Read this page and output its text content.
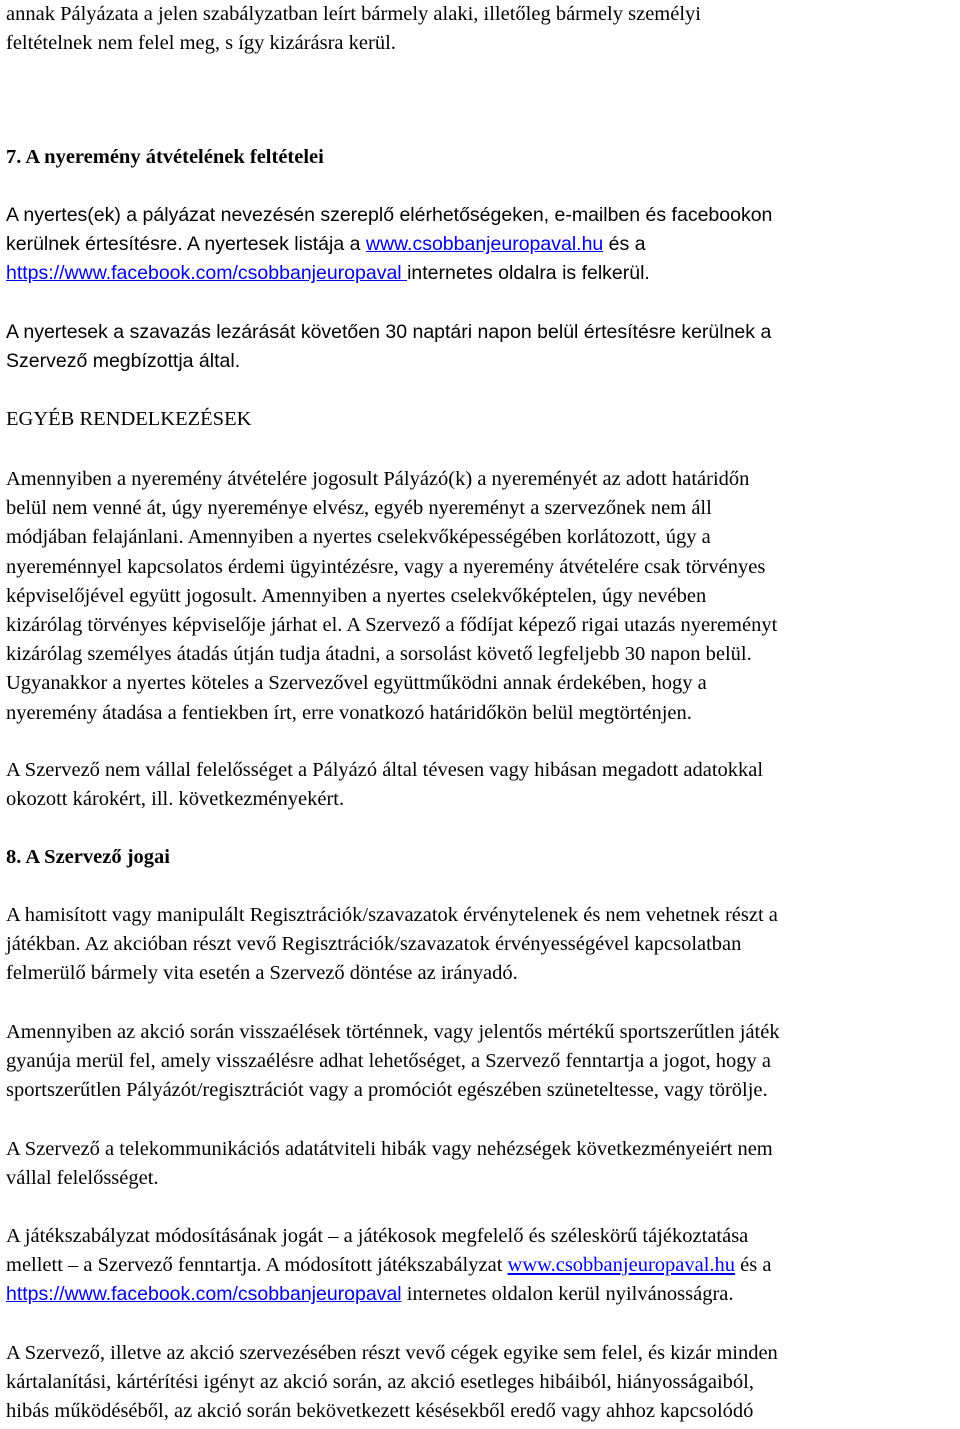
annak Pályázata a jelen szabályzatban leírt bármely alaki, illetőleg bármely személyi
feltételnek nem felel meg, s így kizárásra kerül.

7. A nyeremény átvételének feltételei

A nyertes(ek) a pályázat nevezésén szereplő elérhetőségeken, e-mailben és facebookon
kerülnek értesítésre. A nyertesek listája a www.csobbanjeuropaval.hu és a
https://www.facebook.com/csobbanjeuropaval internetes oldalra is felkerül.

A nyertesek a szavazás lezárását követően 30 naptári napon belül értesítésre kerülnek a
Szervező megbízottja által.

EGYÉB RENDELKEZÉSEK

Amennyiben a nyeremény átvételére jogosult Pályázó(k) a nyereményét az adott határidőn
belül nem venné át, úgy nyereménye elvész, egyéb nyereményt a szervezőnek nem áll
módjában felajánlani. Amennyiben a nyertes cselekvőképességében korlátozott, úgy a
nyereménnyel kapcsolatos érdemi ügyintézésre, vagy a nyeremény átvételére csak törvényes
képviselőjével együtt jogosult. Amennyiben a nyertes cselekvőképtelen, úgy nevében
kizárólag törvényes képviselője járhat el. A Szervező a fődíjat képező rigai utazás nyereményt
kizárólag személyes átadás útján tudja átadni, a sorsolást követő legfeljebb 30 napon belül.
Ugyanakkor a nyertes köteles a Szervezővel együttműködni annak érdekében, hogy a
nyeremény átadása a fentiekben írt, erre vonatkozó határidőkön belül megtörténjen.

A Szervező nem vállal felelősséget a Pályázó által tévesen vagy hibásan megadott adatokkal
okozott károkért, ill. következményekért.

8. A Szervező jogai

A hamisított vagy manipulált Regisztrációk/szavazatok érvénytelenek és nem vehetnek részt a
játékban. Az akcióban részt vevő Regisztrációk/szavazatok érvényességével kapcsolatban
felmerülő bármely vita esetén a Szervező döntése az irányadó.

Amennyiben az akció során visszaélések történnek, vagy jelentős mértékű sportszerűtlen játék
gyanúja merül fel, amely visszaélésre adhat lehetőséget, a Szervező fenntartja a jogot, hogy a
sportszerűtlen Pályázót/regisztrációt vagy a promóciót egészében szüneteltesse, vagy törölje.

A Szervező a telekommunikációs adatátviteli hibák vagy nehézségek következményeiért nem
vállal felelősséget.

A játékszabályzat módosításának jogát – a játékosok megfelelő és széleskörű tájékoztatása
mellett – a Szervező fenntartja. A módosított játékszabályzat www.csobbanjeuropaval.hu és a
https://www.facebook.com/csobbanjeuropaval internetes oldalon kerül nyilvánosságra.

A Szervező, illetve az akció szervezésében részt vevő cégek egyike sem felel, és kizár minden
kártalanítási, kártérítési igényt az akció során, az akció esetleges hibáiból, hiányosságaiból,
hibás működéséből, az akció során bekövetkezett késésekből eredő vagy ahhoz kapcsolódó
